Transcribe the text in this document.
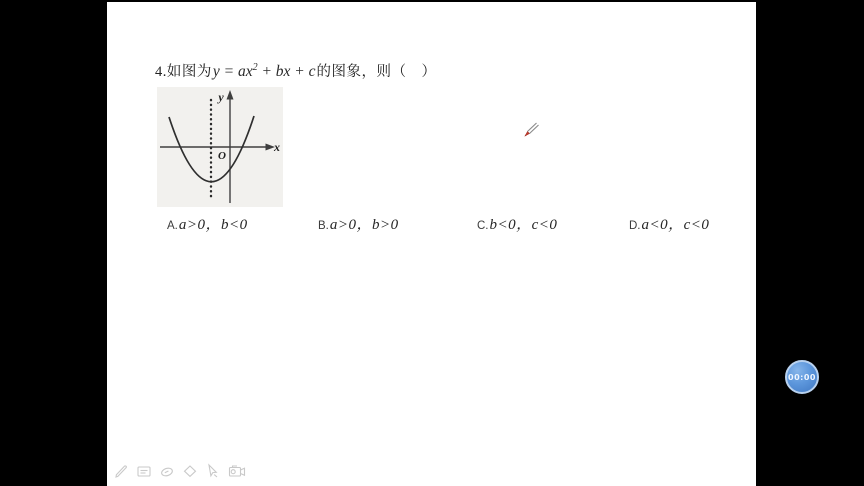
4. 如图为 $y = ax^2$ + bx + c 的图象，则（　）
y
x
O
A. a>0，b<0	B. a>0，b>0	C. b<0，c<0	D. a<0，c<0
00:00
